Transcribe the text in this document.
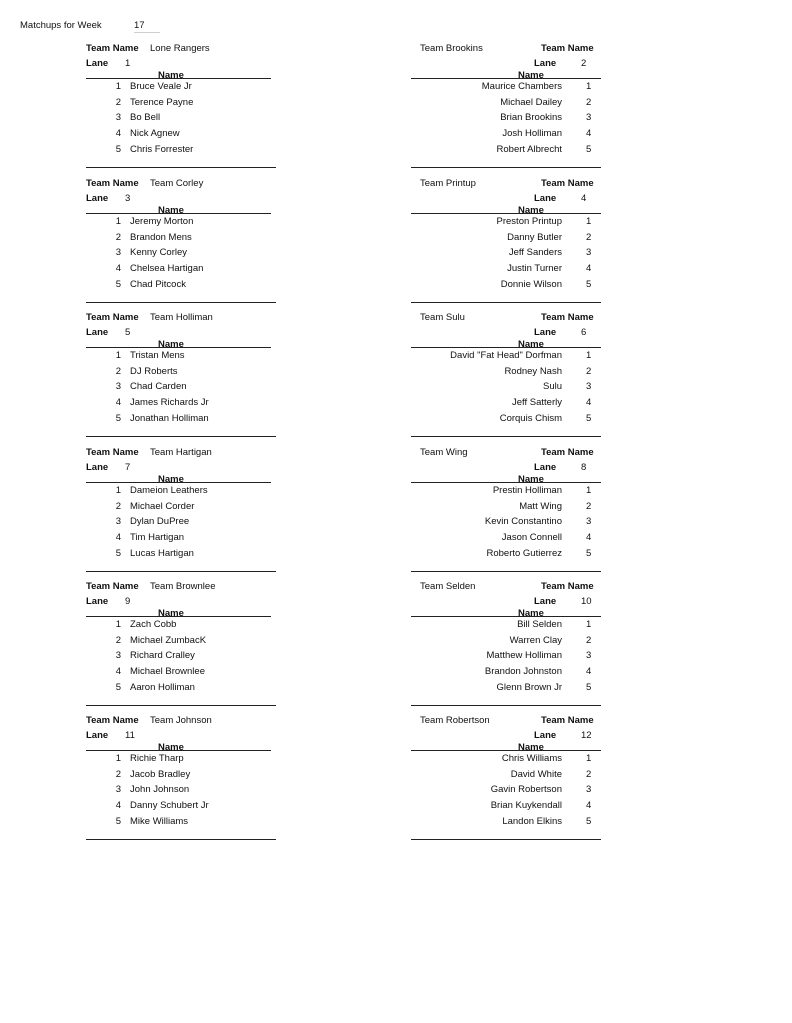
Matchups for Week	17
Team Name Lone Rangers
Lane 1
Name
1 Bruce Veale Jr
2 Terence Payne
3 Bo Bell
4 Nick Agnew
5 Chris Forrester
Team Brookins	Team Name
Lane	2
Name
Maurice Chambers	1
Michael Dailey	2
Brian Brookins	3
Josh Holliman	4
Robert Albrecht	5
Team Name Team Corley
Lane 3
Name
1 Jeremy Morton
2 Brandon Mens
3 Kenny Corley
4 Chelsea Hartigan
5 Chad Pitcock
Team Printup	Team Name
Lane	4
Name
Preston Printup	1
Danny Butler	2
Jeff Sanders	3
Justin Turner	4
Donnie Wilson	5
Team Name Team Holliman
Lane 5
Name
1 Tristan Mens
2 DJ Roberts
3 Chad Carden
4 James Richards Jr
5 Jonathan Holliman
Team Sulu	Team Name
Lane	6
Name
David "Fat Head" Dorfman	1
Rodney Nash	2
Sulu	3
Jeff Satterly	4
Corquis Chism	5
Team Name Team Hartigan
Lane 7
Name
1 Dameion Leathers
2 Michael Corder
3 Dylan DuPree
4 Tim Hartigan
5 Lucas Hartigan
Team Wing	Team Name
Lane	8
Name
Prestin Holliman	1
Matt Wing	2
Kevin Constantino	3
Jason Connell	4
Roberto Gutierrez	5
Team Name Team Brownlee
Lane 9
Name
1 Zach Cobb
2 Michael ZumbacK
3 Richard Cralley
4 Michael Brownlee
5 Aaron Holliman
Team Selden	Team Name
Lane	10
Name
Bill Selden	1
Warren Clay	2
Matthew Holliman	3
Brandon Johnston	4
Glenn Brown Jr	5
Team Name Team Johnson
Lane 11
Name
1 Richie Tharp
2 Jacob Bradley
3 John Johnson
4 Danny Schubert Jr
5 Mike Williams
Team Robertson	Team Name
Lane	12
Name
Chris Williams	1
David White	2
Gavin Robertson	3
Brian Kuykendall	4
Landon Elkins	5
